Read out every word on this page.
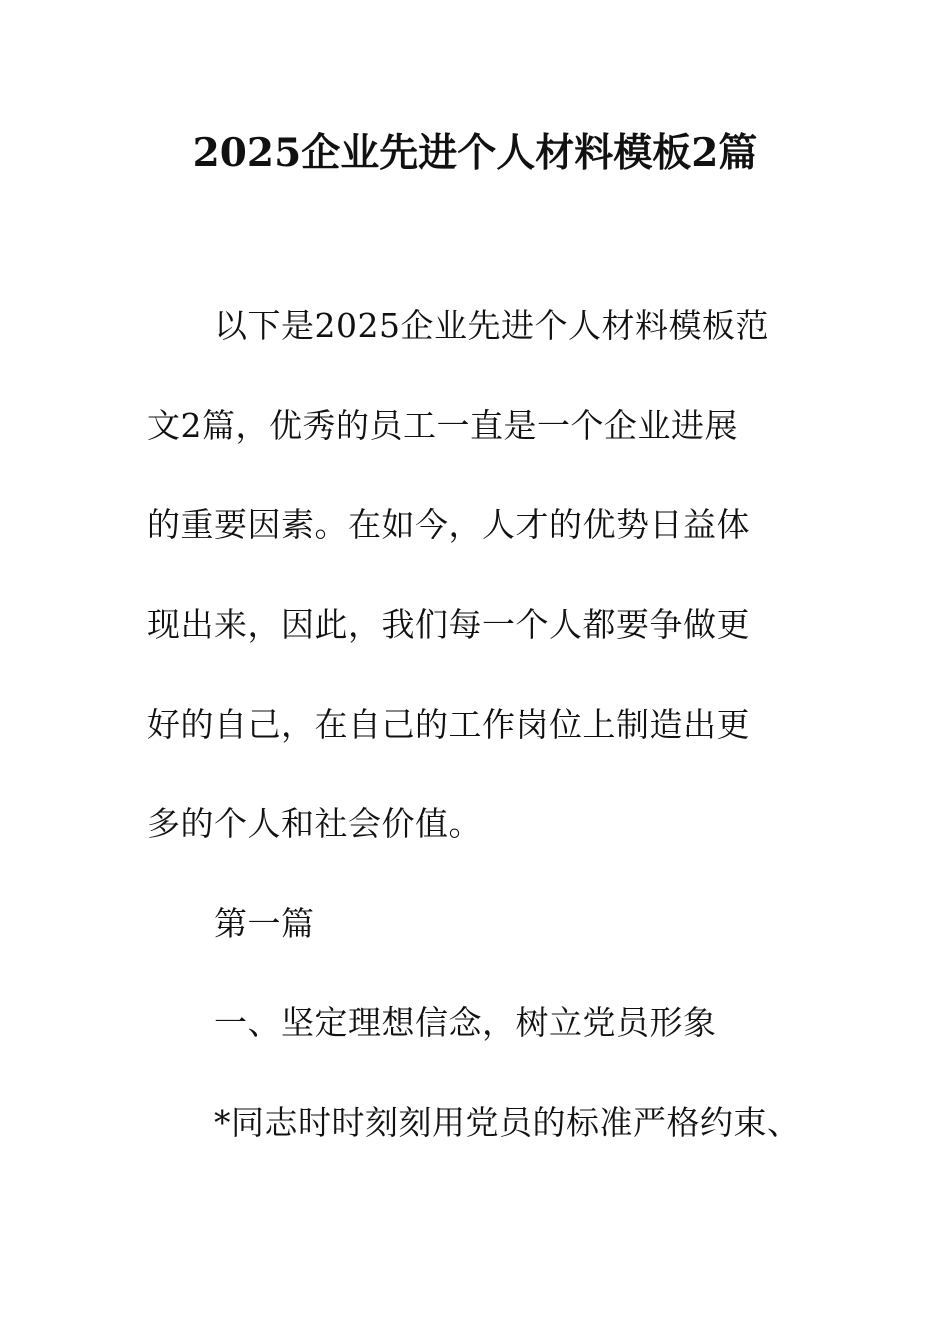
2025企业先进个人材料模板2篇
以下是2025企业先进个人材料模板范
文2篇，优秀的员工一直是一个企业进展
的重要因素。在如今，人才的优势日益体
现出来，因此，我们每一个人都要争做更
好的自己，在自己的工作岗位上制造出更
多的个人和社会价值。
第一篇
一、坚定理想信念，树立党员形象
*同志时时刻刻用党员的标准严格约束、
